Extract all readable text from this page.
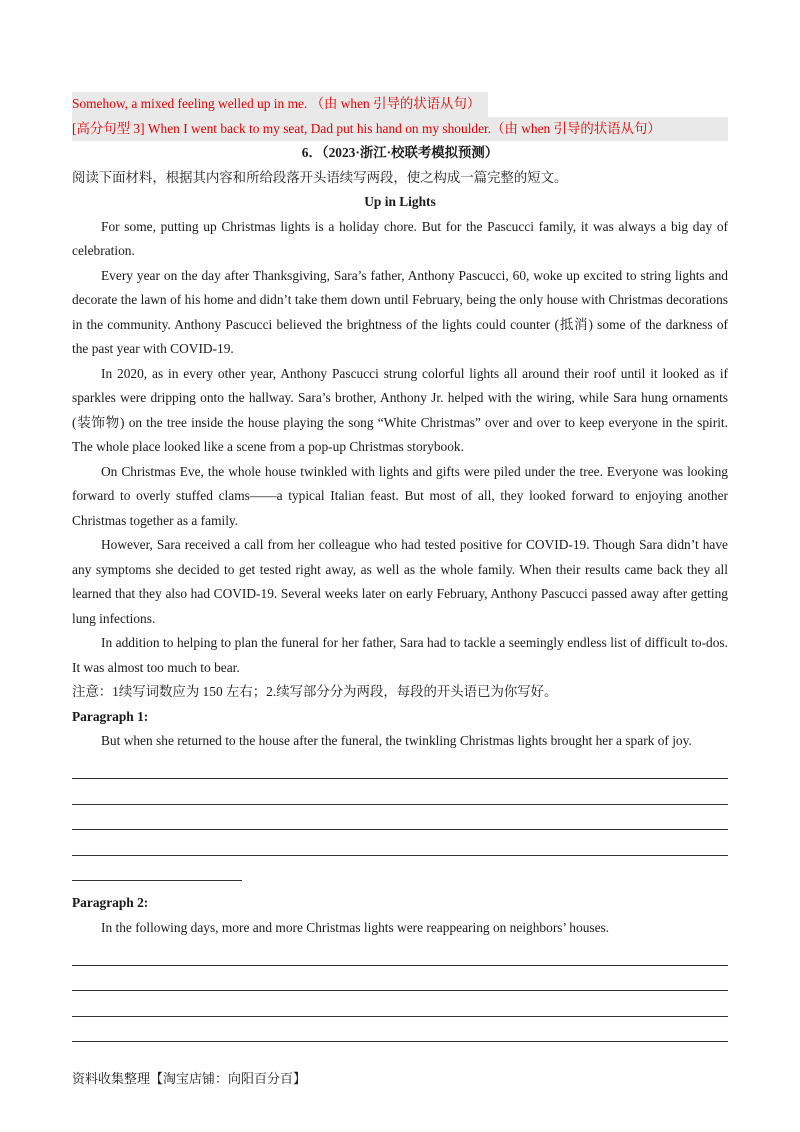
Somehow, a mixed feeling welled up in me. （由 when 引导的状语从句）
[高分句型 3] When I went back to my seat, Dad put his hand on my shoulder.（由 when 引导的状语从句）
6．（2023·浙江·校联考模拟预测）
阅读下面材料，根据其内容和所给段落开头语续写两段，使之构成一篇完整的短文。
Up in Lights
For some, putting up Christmas lights is a holiday chore. But for the Pascucci family, it was always a big day of celebration.
Every year on the day after Thanksgiving, Sara’s father, Anthony Pascucci, 60, woke up excited to string lights and decorate the lawn of his home and didn’t take them down until February, being the only house with Christmas decorations in the community. Anthony Pascucci believed the brightness of the lights could counter (抵消) some of the darkness of the past year with COVID-19.
In 2020, as in every other year, Anthony Pascucci strung colorful lights all around their roof until it looked as if sparkles were dripping onto the hallway. Sara’s brother, Anthony Jr. helped with the wiring, while Sara hung ornaments (装饰物) on the tree inside the house playing the song “White Christmas” over and over to keep everyone in the spirit. The whole place looked like a scene from a pop-up Christmas storybook.
On Christmas Eve, the whole house twinkled with lights and gifts were piled under the tree. Everyone was looking forward to overly stuffed clams——a typical Italian feast. But most of all, they looked forward to enjoying another Christmas together as a family.
However, Sara received a call from her colleague who had tested positive for COVID-19. Though Sara didn’t have any symptoms she decided to get tested right away, as well as the whole family. When their results came back they all learned that they also had COVID-19. Several weeks later on early February, Anthony Pascucci passed away after getting lung infections.
In addition to helping to plan the funeral for her father, Sara had to tackle a seemingly endless list of difficult to-dos. It was almost too much to bear.
注意：1续写词数应为 150 左右；2.续写部分分为两段，每段的开头语已为你写好。
Paragraph 1:
But when she returned to the house after the funeral, the twinkling Christmas lights brought her a spark of joy.
Paragraph 2:
In the following days, more and more Christmas lights were reappearing on neighbors’ houses.
资料收集整理【淘宝店铺：向阳百分百】
